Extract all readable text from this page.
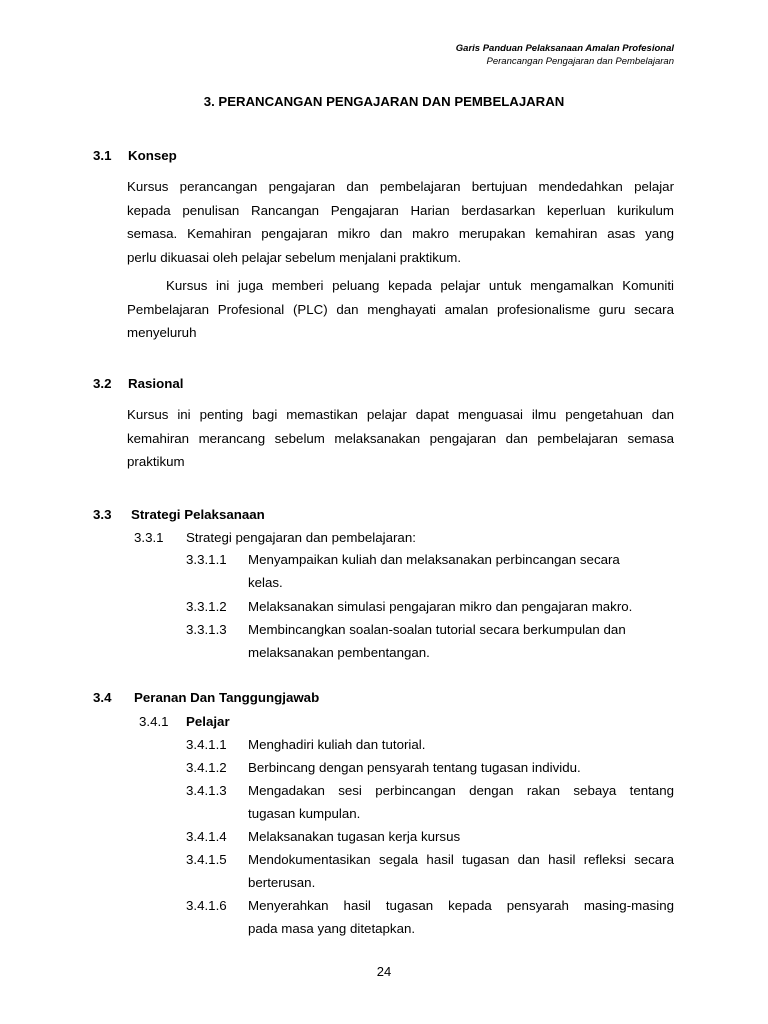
Garis Panduan Pelaksanaan Amalan Profesional
Perancangan Pengajaran dan Pembelajaran
3. PERANCANGAN PENGAJARAN DAN PEMBELAJARAN
3.1 Konsep
Kursus perancangan pengajaran dan pembelajaran bertujuan mendedahkan pelajar
kepada penulisan Rancangan Pengajaran Harian berdasarkan keperluan kurikulum
semasa. Kemahiran pengajaran mikro dan makro merupakan kemahiran asas yang
perlu dikuasai oleh pelajar sebelum menjalani praktikum.
Kursus ini juga memberi peluang kepada pelajar untuk mengamalkan Komuniti
Pembelajaran Profesional (PLC) dan menghayati amalan profesionalisme guru secara
menyeluruh
3.2 Rasional
Kursus ini penting bagi memastikan pelajar dapat menguasai ilmu pengetahuan dan
kemahiran merancang sebelum melaksanakan pengajaran dan pembelajaran semasa
praktikum
3.3 Strategi Pelaksanaan
3.3.1 Strategi pengajaran dan pembelajaran:
3.3.1.1 Menyampaikan kuliah dan melaksanakan perbincangan secara
kelas.
3.3.1.2 Melaksanakan simulasi pengajaran mikro dan pengajaran makro.
3.3.1.3 Membincangkan soalan-soalan tutorial secara berkumpulan dan
melaksanakan pembentangan.
3.4 Peranan Dan Tanggungjawab
3.4.1 Pelajar
3.4.1.1 Menghadiri kuliah dan tutorial.
3.4.1.2 Berbincang dengan pensyarah tentang tugasan individu.
3.4.1.3 Mengadakan sesi perbincangan dengan rakan sebaya tentang
tugasan kumpulan.
3.4.1.4 Melaksanakan tugasan kerja kursus
3.4.1.5 Mendokumentasikan segala hasil tugasan dan hasil refleksi secara
berterusan.
3.4.1.6 Menyerahkan hasil tugasan kepada pensyarah masing-masing
pada masa yang ditetapkan.
24
